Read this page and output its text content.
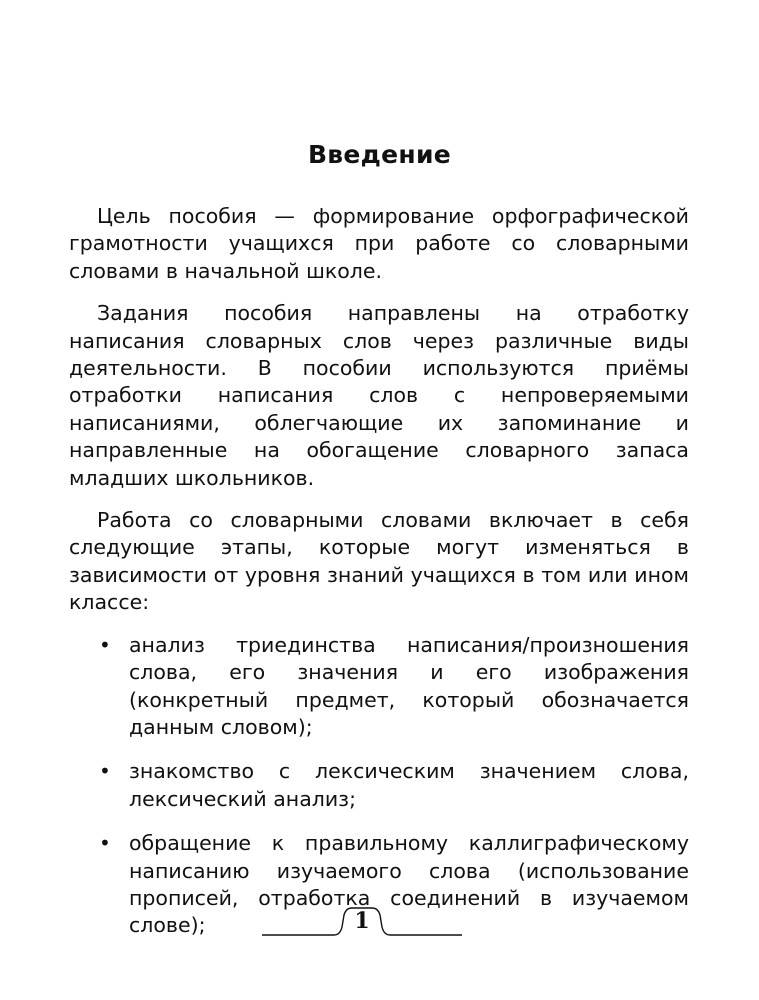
Введение

Цель пособия — формирование орфографической грамотности учащихся при работе со словарными словами в начальной школе.

Задания пособия направлены на отработку написания словарных слов через различные виды деятельности. В пособии используются приёмы отработки написания слов с непроверяемыми написаниями, облегчающие их запоминание и направленные на обогащение словарного запаса младших школьников.

Работа со словарными словами включает в себя следующие этапы, которые могут изменяться в зависимости от уровня знаний учащихся в том или ином классе:

• анализ триединства написания/произношения слова, его значения и его изображения (конкретный предмет, который обозначается данным словом);
• знакомство с лексическим значением слова, лексический анализ;
• обращение к правильному каллиграфическому написанию изучаемого слова (использование прописей, отработка соединений в изучаемом слове);	1
